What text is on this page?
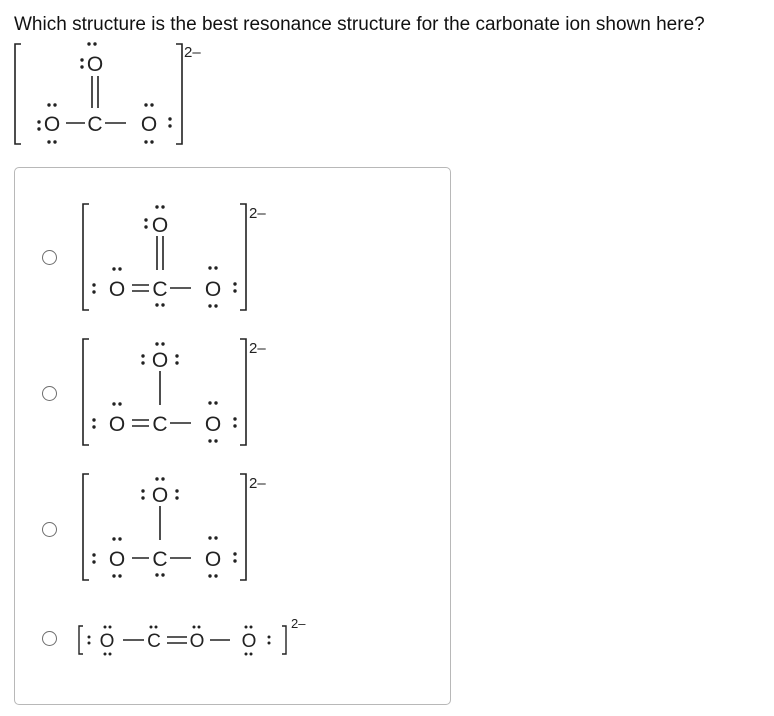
Which structure is the best resonance structure for the carbonate ion shown here?
O
O C O
2–
O
O C O
2–
O
O C O
2–
O
O C O
2–
O C O O
2–
